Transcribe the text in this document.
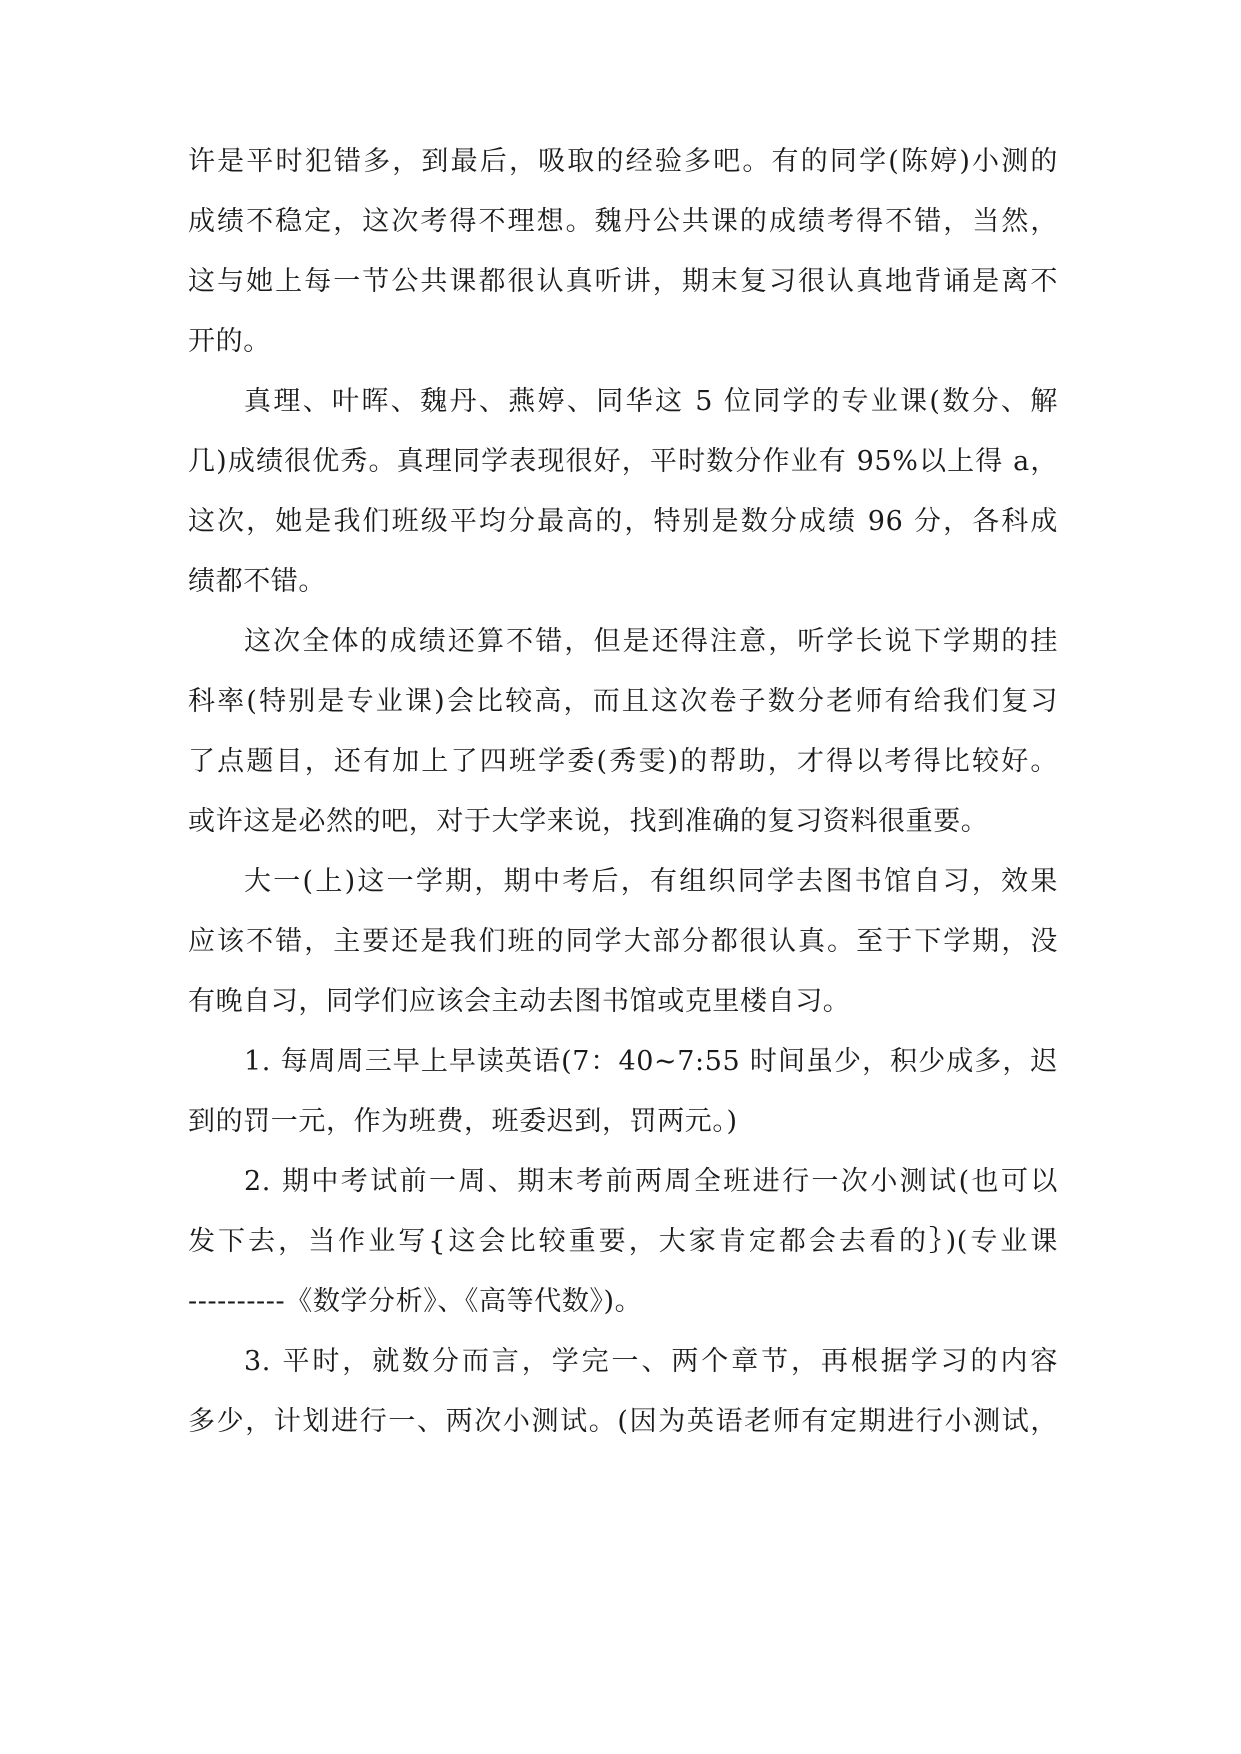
许是平时犯错多，到最后，吸取的经验多吧。有的同学(陈婷)小测的
成绩不稳定，这次考得不理想。魏丹公共课的成绩考得不错，当然，
这与她上每一节公共课都很认真听讲，期末复习很认真地背诵是离不
开的。
真理、叶晖、魏丹、燕婷、同华这 5 位同学的专业课(数分、解
几)成绩很优秀。真理同学表现很好，平时数分作业有 95%以上得 a，
这次，她是我们班级平均分最高的，特别是数分成绩 96 分，各科成
绩都不错。
这次全体的成绩还算不错，但是还得注意，听学长说下学期的挂
科率(特别是专业课)会比较高，而且这次卷子数分老师有给我们复习
了点题目，还有加上了四班学委(秀雯)的帮助，才得以考得比较好。
或许这是必然的吧，对于大学来说，找到准确的复习资料很重要。
大一(上)这一学期，期中考后，有组织同学去图书馆自习，效果
应该不错，主要还是我们班的同学大部分都很认真。至于下学期，没
有晚自习，同学们应该会主动去图书馆或克里楼自习。
1. 每周周三早上早读英语(7：40~7:55 时间虽少，积少成多，迟
到的罚一元，作为班费，班委迟到，罚两元。)
2. 期中考试前一周、期末考前两周全班进行一次小测试(也可以
发下去，当作业写{这会比较重要，大家肯定都会去看的｝)(专业课
----------《数学分析》、《高等代数》)。
3. 平时，就数分而言，学完一、两个章节，再根据学习的内容
多少，计划进行一、两次小测试。(因为英语老师有定期进行小测试，
